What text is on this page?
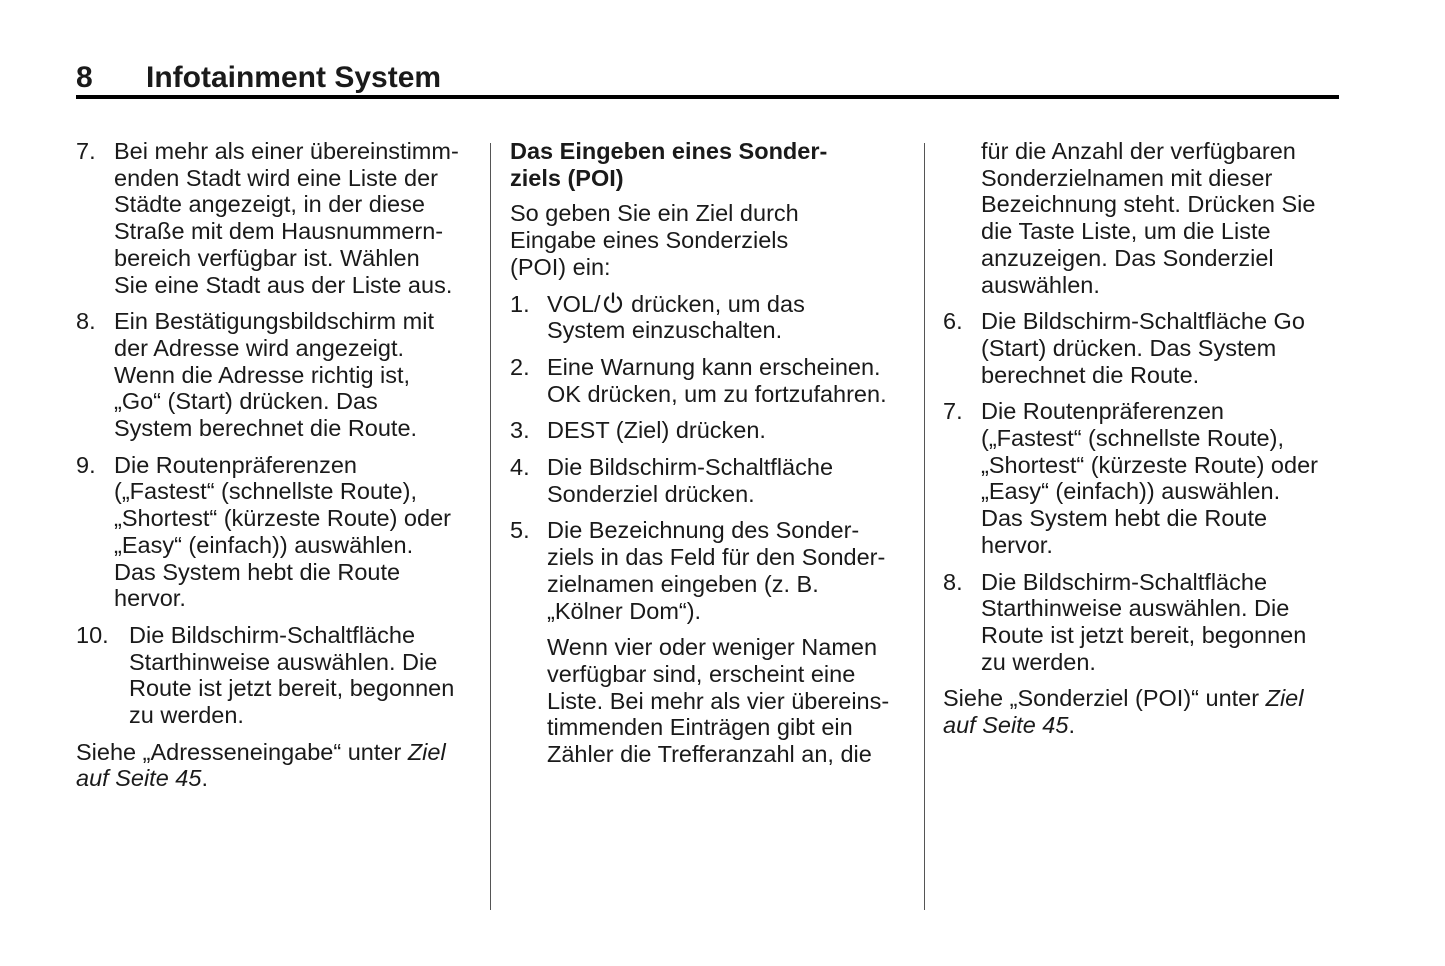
8 Infotainment System
7. Bei mehr als einer übereinstimm-
enden Stadt wird eine Liste der
Städte angezeigt, in der diese
Straße mit dem Hausnummern-
bereich verfügbar ist. Wählen
Sie eine Stadt aus der Liste aus.
8. Ein Bestätigungsbildschirm mit
der Adresse wird angezeigt.
Wenn die Adresse richtig ist,
„Go“ (Start) drücken. Das
System berechnet die Route.
9. Die Routenpräferenzen
(„Fastest“ (schnellste Route),
„Shortest“ (kürzeste Route) oder
„Easy“ (einfach)) auswählen.
Das System hebt die Route
hervor.
10. Die Bildschirm-Schaltfläche
Starthinweise auswählen. Die
Route ist jetzt bereit, begonnen
zu werden.
Siehe „Adresseneingabe“ unter Ziel
auf Seite 45.
Das Eingeben eines Sonder-
ziels (POI)
So geben Sie ein Ziel durch
Eingabe eines Sonderziels
(POI) ein:
1. VOL/ drücken, um das
System einzuschalten.
2. Eine Warnung kann erscheinen.
OK drücken, um zu fortzufahren.
3. DEST (Ziel) drücken.
4. Die Bildschirm-Schaltfläche
Sonderziel drücken.
5. Die Bezeichnung des Sonder-
ziels in das Feld für den Sonder-
zielnamen eingeben (z. B.
„Kölner Dom“).
Wenn vier oder weniger Namen
verfügbar sind, erscheint eine
Liste. Bei mehr als vier übereins-
timmenden Einträgen gibt ein
Zähler die Trefferanzahl an, die
für die Anzahl der verfügbaren
Sonderzielnamen mit dieser
Bezeichnung steht. Drücken Sie
die Taste Liste, um die Liste
anzuzeigen. Das Sonderziel
auswählen.
6. Die Bildschirm-Schaltfläche Go
(Start) drücken. Das System
berechnet die Route.
7. Die Routenpräferenzen
(„Fastest“ (schnellste Route),
„Shortest“ (kürzeste Route) oder
„Easy“ (einfach)) auswählen.
Das System hebt die Route
hervor.
8. Die Bildschirm-Schaltfläche
Starthinweise auswählen. Die
Route ist jetzt bereit, begonnen
zu werden.
Siehe „Sonderziel (POI)“ unter Ziel
auf Seite 45.
